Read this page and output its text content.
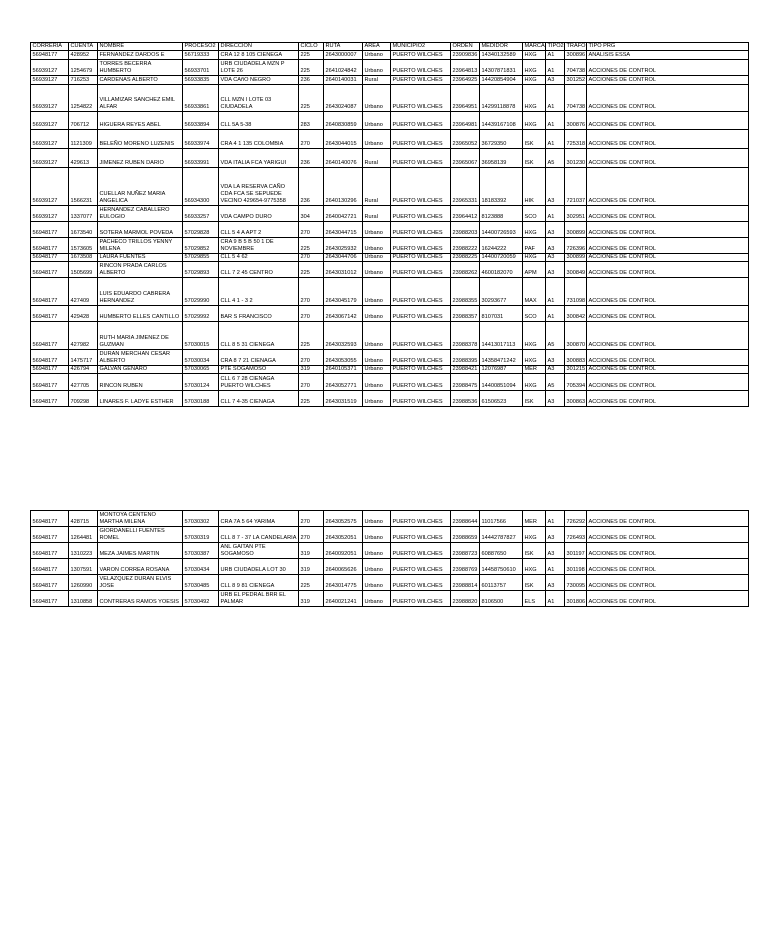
CORRERIA	CUENTA	NOMBRE	PROCESO2	DIRECCION	CICLO	RUTA	AREA	MUNICIPIO2	ORDEN	MEDIDOR	MARCA	TIPO2	TRAFO	TIPO PRG
56948177	428952	FERNANDEZ DARDOS E	56719333	CRA 12 8 105 CIENEGA	225	2643000007	Urbano	PUERTO WILCHES	23909836	14340132589	HXG	A1	300896	ANALISIS ESSA
56939127	1254679	TORRES BECERRA HUMBERTO	56933701	URB CIUDADELA MZN P LOTE 26	225	2641024842	Urbano	PUERTO WILCHES	23964813	14307871831	HXG	A1	704738	ACCIONES DE CONTROL
56939127	716253	CARDENAS ALBERTO	56933835	VDA CAñO NEGRO	236	2640140031	Rural	PUERTO WILCHES	23964925	14420854904	HXG	A3	301252	ACCIONES DE CONTROL
56939127	1254822	VILLAMIZAR SANCHEZ EMIL ALFAR	56933861	CLL MZN I LOTE 03 CIUDADELA	225	2643024087	Urbano	PUERTO WILCHES	23964951	14299118878	HXG	A1	704738	ACCIONES DE CONTROL
56939127	706712	HIGUERA REYES ABEL	56933894	CLL 5A 5-38	283	2640830859	Urbano	PUERTO WILCHES	23964981	14439167108	HXG	A1	300876	ACCIONES DE CONTROL
56939127	1121309	BELEÑO MORENO LUZENIS	56933974	CRA 4 1 135 COLOMBIA	270	2643044015	Urbano	PUERTO WILCHES	23965052	36729350	ISK	A1	725318	ACCIONES DE CONTROL
56939127	429613	JIMENEZ RUBEN DARIO	56933991	VDA ITALIA FCA YARIGUI	236	2640140076	Rural	PUERTO WILCHES	23965067	36958139	ISK	A5	301230	ACCIONES DE CONTROL
56939127	1566231	CUELLAR NUÑEZ MARIA ANGELICA	56934300	VDA LA RESERVA CAÑO CDA FCA SE SEPUEDE VECINO 429654-9775358	236	2640130296	Rural	PUERTO WILCHES	23965331	18183392	HIK	A3	721037	ACCIONES DE CONTROL
56939127	1337077	HERNANDEZ CABALLERO EULOGIO	56933257	VDA CAMPO DURO	304	2640042721	Rural	PUERTO WILCHES	23964412	8123888	SCO	A1	302951	ACCIONES DE CONTROL
56948177	1673540	SOTERA MARMOL POVEDA	57029828	CLL 5 4 A APT 2	270	2643044715	Urbano	PUERTO WILCHES	23988203	14400726593	HXG	A3	300899	ACCIONES DE CONTROL
56948177	1573605	PACHECO TRILLOS YENNY MILENA	57029852	CRA 9 B 5 B 50 1 DE NOVIEMBRE	225	2643025932	Urbano	PUERTO WILCHES	23988222	16244222	PAF	A3	726396	ACCIONES DE CONTROL
56948177	1673508	LAURA FUENTES	57029855	CLL 5 4 62	270	2643044706	Urbano	PUERTO WILCHES	23988225	14400720059	HXG	A3	300899	ACCIONES DE CONTROL
56948177	1505699	RINCON PRADA CARLOS ALBERTO	57029893	CLL 7 2 45 CENTRO	225	2643031012	Urbano	PUERTO WILCHES	23988262	4600182070	APM	A3	300849	ACCIONES DE CONTROL
56948177	427409	LUIS EDUARDO CABRERA HERNANDEZ	57029990	CLL 4 1 - 3 2	270	2643045179	Urbano	PUERTO WILCHES	23988355	30293677	MAX	A1	731098	ACCIONES DE CONTROL
56948177	429428	HUMBERTO ELLES CANTILLO	57029992	BAR S FRANCISCO	270	2643067142	Urbano	PUERTO WILCHES	23988357	8107031	SCO	A1	300842	ACCIONES DE CONTROL
56948177	427982	RUTH MARIA JIMENEZ DE GUZMAN	57030015	CLL 8 5 31 CIENEGA	225	2643032593	Urbano	PUERTO WILCHES	23988378	14413017113	HXG	A5	300870	ACCIONES DE CONTROL
56948177	1475717	DURAN MERCHAN CESAR ALBERTO	57030034	CRA 8 7 21 CIENAGA	270	2643053055	Urbano	PUERTO WILCHES	23988395	14358471242	HXG	A3	300883	ACCIONES DE CONTROL
56948177	426794	GALVAN GENARO	57030065	PTE SOGAMOSO	319	2640105371	Urbano	PUERTO WILCHES	23988421	12076987	MER	A3	301215	ACCIONES DE CONTROL
56948177	427705	RINCON RUBEN	57030124	CLL 6 7 28 CIENAGA PUERTO WILCHES	270	2643052771	Urbano	PUERTO WILCHES	23988475	14400851094	HXG	A5	705394	ACCIONES DE CONTROL
56948177	709298	LINARES F. LADYE ESTHER	57030188	CLL 7 4-35 CIENAGA	225	2643031519	Urbano	PUERTO WILCHES	23988536	61506523	ISK	A3	300863	ACCIONES DE CONTROL
56948177	428715	MONTOYA CENTENO MARTHA MILENA	57030302	CRA 7A 5 64 YARIMA	270	2643052575	Urbano	PUERTO WILCHES	23988644	11017566	MER	A1	726292	ACCIONES DE CONTROL
56948177	1264481	GIORDANELLI FUENTES ROMEL	57030319	CLL 8 7 - 37 LA CANDELARIA	270	2643052051	Urbano	PUERTO WILCHES	23988659	14442787827	HXG	A3	726493	ACCIONES DE CONTROL
56948177	1310223	MEZA JAIMES MARTIN	57030387	ANL GAITAN PTE SOGAMOSO	319	2640092051	Urbano	PUERTO WILCHES	23988723	60887650	ISK	A3	301197	ACCIONES DE CONTROL
56948177	1307591	VARON CORREA ROSANA	57030434	URB CIUDADELA LOT 30	319	2640065626	Urbano	PUERTO WILCHES	23988769	14458750610	HXG	A1	301198	ACCIONES DE CONTROL
56948177	1260990	VELAZQUEZ DURAN ELVIS JOSE	57030485	CLL 8 9 81 CIENEGA	225	2643014775	Urbano	PUERTO WILCHES	23988814	60113757	ISK	A3	730095	ACCIONES DE CONTROL
56948177	1310858	CONTRERAS RAMOS YOESIS	57030492	URB EL PEDRAL BRR EL PALMAR	319	2640021241	Urbano	PUERTO WILCHES	23988820	8106500	ELS	A1	301806	ACCIONES DE CONTROL
